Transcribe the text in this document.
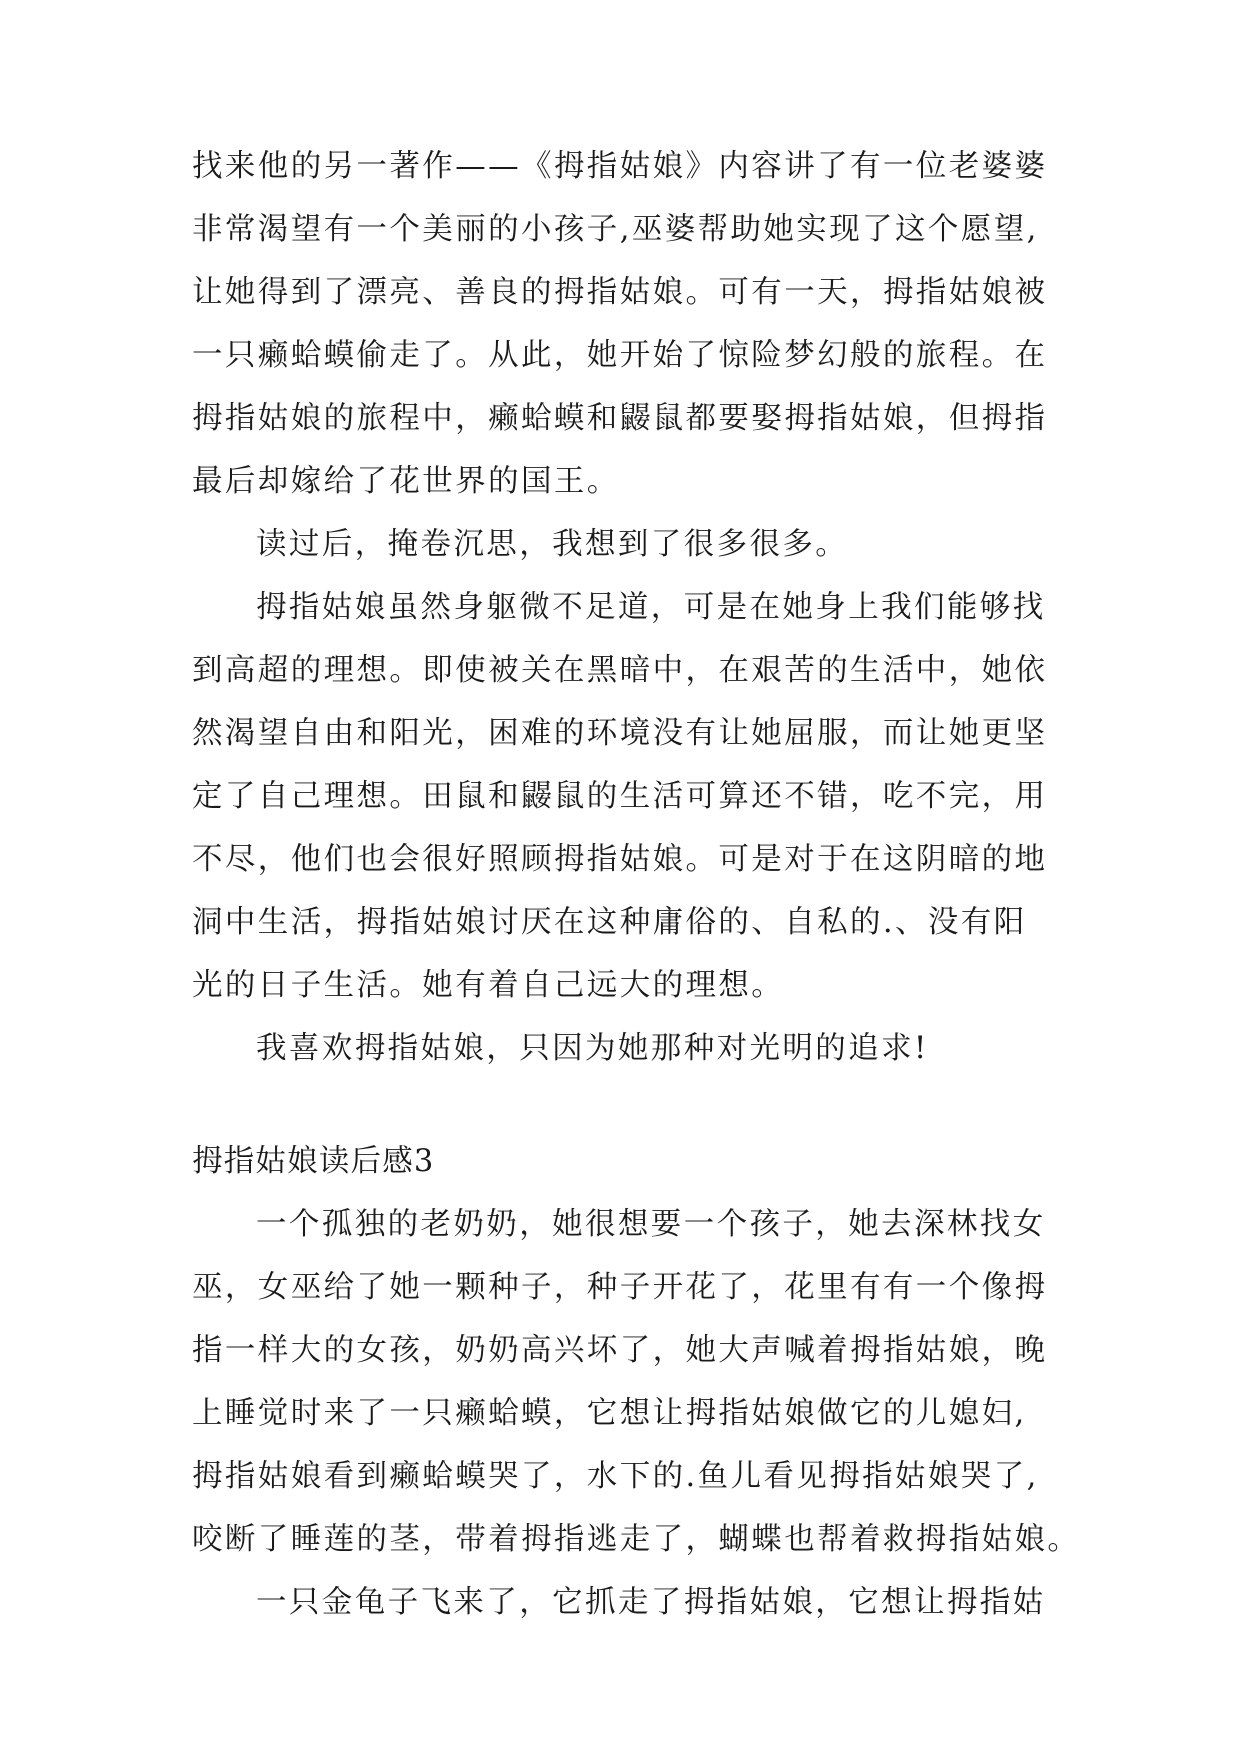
找来他的另一著作——《拇指姑娘》内容讲了有一位老婆婆
非常渴望有一个美丽的小孩子,巫婆帮助她实现了这个愿望,
让她得到了漂亮、善良的拇指姑娘。可有一天，拇指姑娘被
一只癞蛤蟆偷走了。从此，她开始了惊险梦幻般的旅程。在
拇指姑娘的旅程中，癞蛤蟆和鼹鼠都要娶拇指姑娘，但拇指
最后却嫁给了花世界的国王。
读过后，掩卷沉思，我想到了很多很多。
拇指姑娘虽然身躯微不足道，可是在她身上我们能够找
到高超的理想。即使被关在黑暗中，在艰苦的生活中，她依
然渴望自由和阳光，困难的环境没有让她屈服，而让她更坚
定了自己理想。田鼠和鼹鼠的生活可算还不错，吃不完，用
不尽，他们也会很好照顾拇指姑娘。可是对于在这阴暗的地
洞中生活，拇指姑娘讨厌在这种庸俗的、自私的.、没有阳
光的日子生活。她有着自己远大的理想。
我喜欢拇指姑娘，只因为她那种对光明的追求!
拇指姑娘读后感3
一个孤独的老奶奶，她很想要一个孩子，她去深林找女
巫，女巫给了她一颗种子，种子开花了，花里有有一个像拇
指一样大的女孩，奶奶高兴坏了，她大声喊着拇指姑娘，晚
上睡觉时来了一只癞蛤蟆，它想让拇指姑娘做它的儿媳妇,
拇指姑娘看到癞蛤蟆哭了，水下的.鱼儿看见拇指姑娘哭了,
咬断了睡莲的茎，带着拇指逃走了，蝴蝶也帮着救拇指姑娘。
一只金龟子飞来了，它抓走了拇指姑娘，它想让拇指姑
